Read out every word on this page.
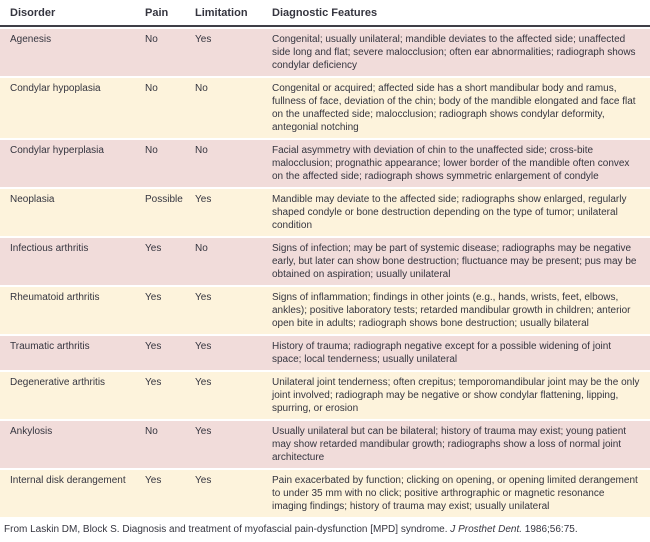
Disorder	Pain	Limitation	Diagnostic Features
Agenesis	No	Yes	Congenital; usually unilateral; mandible deviates to the affected side; unaffected side long and flat; severe malocclusion; often ear abnormalities; radiograph shows condylar deficiency
Condylar hypoplasia	No	No	Congenital or acquired; affected side has a short mandibular body and ramus, fullness of face, deviation of the chin; body of the mandible elongated and face flat on the unaffected side; malocclusion; radiograph shows condylar deformity, antegonial notching
Condylar hyperplasia	No	No	Facial asymmetry with deviation of chin to the unaffected side; cross-bite malocclusion; prognathic appearance; lower border of the mandible often convex on the affected side; radiograph shows symmetric enlargement of condyle
Neoplasia	Possible	Yes	Mandible may deviate to the affected side; radiographs show enlarged, regularly shaped condyle or bone destruction depending on the type of tumor; unilateral condition
Infectious arthritis	Yes	No	Signs of infection; may be part of systemic disease; radiographs may be negative early, but later can show bone destruction; fluctuance may be present; pus may be obtained on aspiration; usually unilateral
Rheumatoid arthritis	Yes	Yes	Signs of inflammation; findings in other joints (e.g., hands, wrists, feet, elbows, ankles); positive laboratory tests; retarded mandibular growth in children; anterior open bite in adults; radiograph shows bone destruction; usually bilateral
Traumatic arthritis	Yes	Yes	History of trauma; radiograph negative except for a possible widening of joint space; local tenderness; usually unilateral
Degenerative arthritis	Yes	Yes	Unilateral joint tenderness; often crepitus; temporomandibular joint may be the only joint involved; radiograph may be negative or show condylar flattening, lipping, spurring, or erosion
Ankylosis	No	Yes	Usually unilateral but can be bilateral; history of trauma may exist; young patient may show retarded mandibular growth; radiographs show a loss of normal joint architecture
Internal disk derangement	Yes	Yes	Pain exacerbated by function; clicking on opening, or opening limited derangement to under 35 mm with no click; positive arthrographic or magnetic resonance imaging findings; history of trauma may exist; usually unilateral

From Laskin DM, Block S. Diagnosis and treatment of myofascial pain-dysfunction [MPD] syndrome. J Prosthet Dent. 1986;56:75.
